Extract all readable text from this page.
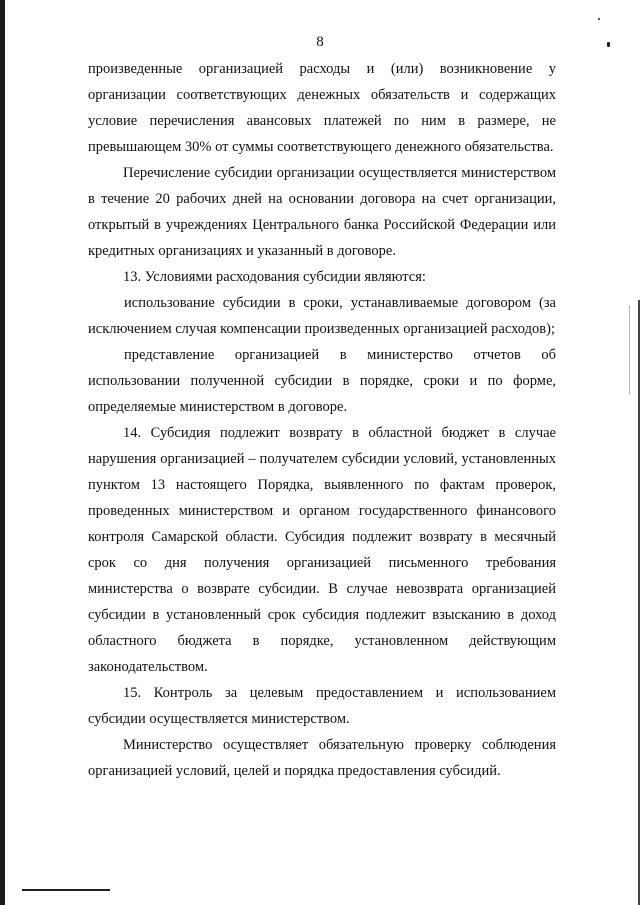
8

произведенные организацией расходы и (или) возникновение у организации соответствующих денежных обязательств и содержащих условие перечисления авансовых платежей по ним в размере, не превышающем 30% от суммы соответствующего денежного обязательства.

Перечисление субсидии организации осуществляется министерством в течение 20 рабочих дней на основании договора на счет организации, открытый в учреждениях Центрального банка Российской Федерации или кредитных организациях и указанный в договоре.

13. Условиями расходования субсидии являются:

использование субсидии в сроки, устанавливаемые договором (за исключением случая компенсации произведенных организацией расходов);

представление организацией в министерство отчетов об использовании полученной субсидии в порядке, сроки и по форме, определяемые министерством в договоре.

14. Субсидия подлежит возврату в областной бюджет в случае нарушения организацией – получателем субсидии условий, установленных пунктом 13 настоящего Порядка, выявленного по фактам проверок, проведенных министерством и органом государственного финансового контроля Самарской области. Субсидия подлежит возврату в месячный срок со дня получения организацией письменного требования министерства о возврате субсидии. В случае невозврата организацией субсидии в установленный срок субсидия подлежит взысканию в доход областного бюджета в порядке, установленном действующим законодательством.

15. Контроль за целевым предоставлением и использованием субсидии осуществляется министерством.

Министерство осуществляет обязательную проверку соблюдения организацией условий, целей и порядка предоставления субсидий.
